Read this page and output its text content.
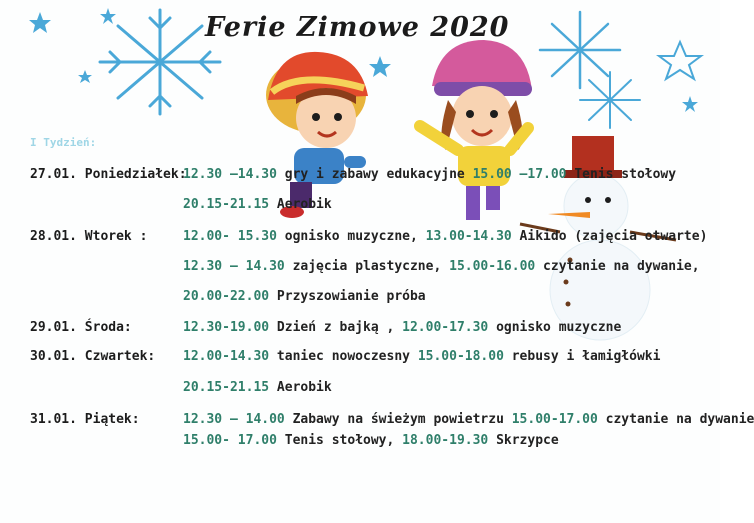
Ferie Zimowe 2020
I Tydzień:
27.01. Poniedziałek:
12.30 –14.30 gry i zabawy edukacyjne 15.00 –17.00 Tenis stołowy
20.15-21.15 Aerobik
28.01. Wtorek :	12.00- 15.30 ognisko muzyczne, 13.00-14.30 Aikido (zajęcia otwarte)
12.30 – 14.30 zajęcia plastyczne, 15.00-16.00 czytanie na dywanie,
20.00-22.00 Przyszowianie próba
29.01. Środa:	12.30-19.00 Dzień z bajką , 12.00-17.30 ognisko muzyczne
30.01. Czwartek: 12.00-14.30 taniec nowoczesny 15.00-18.00 rebusy i łamigłówki
20.15-21.15 Aerobik
31.01. Piątek:	12.30 – 14.00 Zabawy na świeżym powietrzu 15.00-17.00 czytanie na dywanie
15.00- 17.00 Tenis stołowy, 18.00-19.30 Skrzypce
